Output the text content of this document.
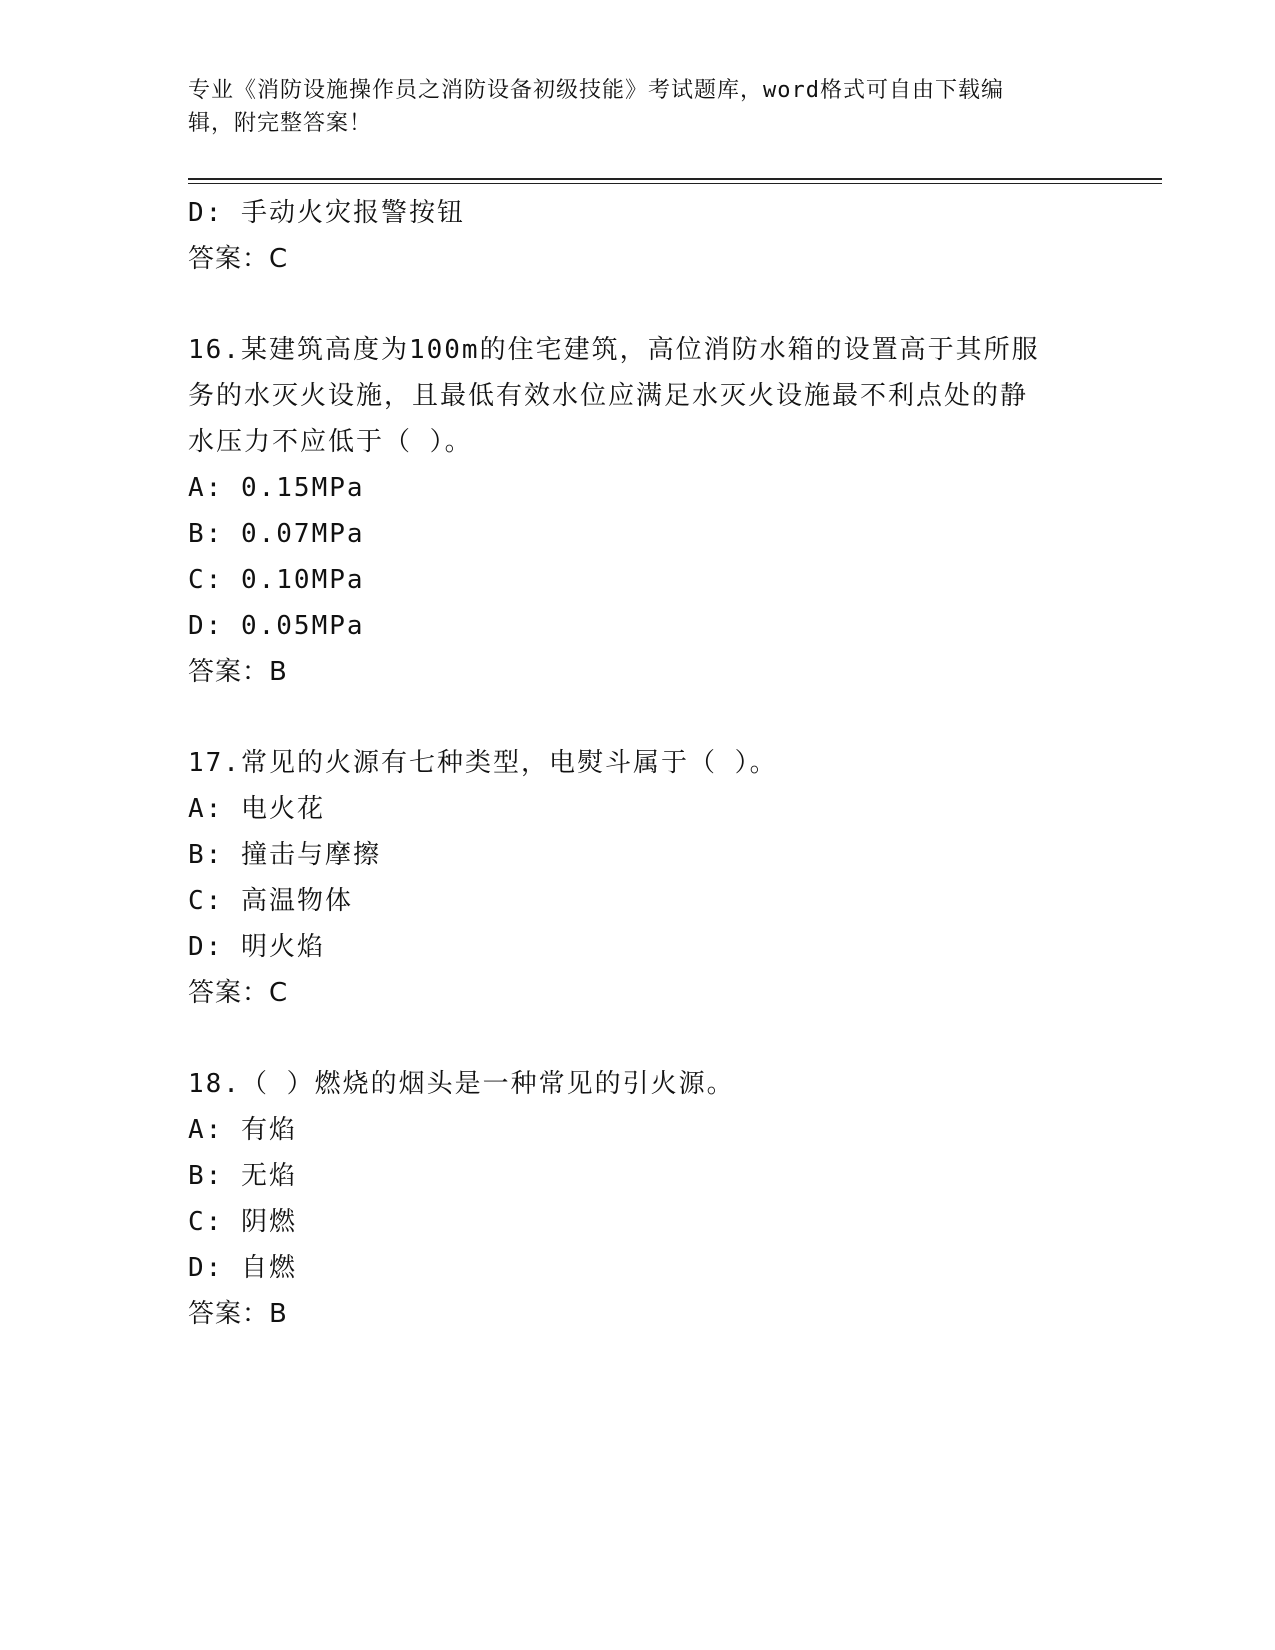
专业《消防设施操作员之消防设备初级技能》考试题库，word格式可自由下载编
辑，附完整答案！
D: 手动火灾报警按钮
答案：C
16.某建筑高度为100m的住宅建筑，高位消防水箱的设置高于其所服
务的水灭火设施，且最低有效水位应满足水灭火设施最不利点处的静
水压力不应低于（ ）。
A: 0.15MPa
B: 0.07MPa
C: 0.10MPa
D: 0.05MPa
答案：B
17.常见的火源有七种类型，电熨斗属于（ ）。
A: 电火花
B: 撞击与摩擦
C: 高温物体
D: 明火焰
答案：C
18.（ ）燃烧的烟头是一种常见的引火源。
A: 有焰
B: 无焰
C: 阴燃
D: 自燃
答案：B
